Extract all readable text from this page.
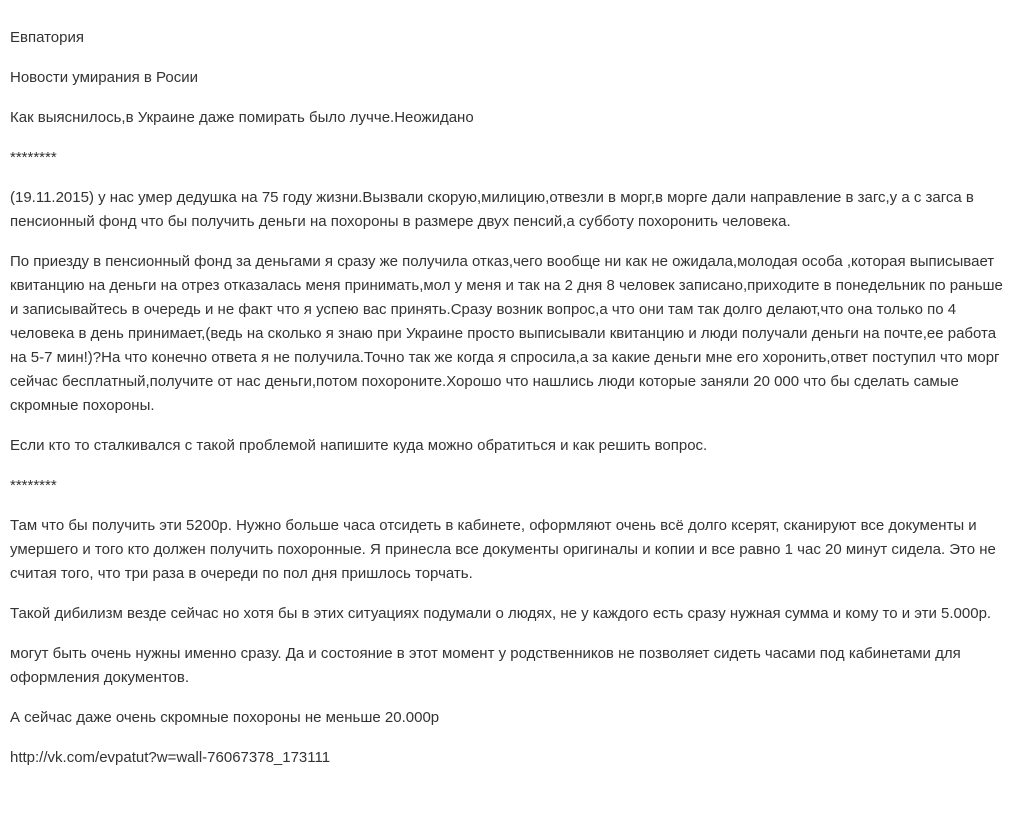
Евпатория

Новости умирания в Росии

Как выяснилось,в Украине даже помирать было лучче.Неожидано

********

(19.11.2015) у нас умер дедушка на 75 году жизни.Вызвали скорую,милицию,отвезли в морг,в морге дали направление в загс,у а с загса в пенсионный фонд что бы получить деньги на похороны в размере двух пенсий,а субботу похоронить человека.

По приезду в пенсионный фонд за деньгами я сразу же получила отказ,чего вообще ни как не ожидала,молодая особа ,которая выписывает квитанцию на деньги на отрез отказалась меня принимать,мол у меня и так на 2 дня 8 человек записано,приходите в понедельник по раньше и записывайтесь в очередь и не факт что я успею вас принять.Сразу возник вопрос,а что они там так долго делают,что она только по 4 человека в день принимает,(ведь на сколько я знаю при Украине просто выписывали квитанцию и люди получали деньги на почте,ее работа на 5-7 мин!)?На что конечно ответа я не получила.Точно так же когда я спросила,а за какие деньги мне его хоронить,ответ поступил что морг сейчас бесплатный,получите от нас деньги,потом похороните.Хорошо что нашлись люди которые заняли 20 000 что бы сделать самые скромные похороны.

Если кто то сталкивался с такой проблемой напишите куда можно обратиться и как решить вопрос.

********

Там что бы получить эти 5200р. Нужно больше часа отсидеть в кабинете, оформляют очень всё долго ксерят, сканируют все документы и умершего и того кто должен получить похоронные. Я принесла все документы оригиналы и копии и все равно 1 час 20 минут сидела. Это не считая того, что три раза в очереди по пол дня пришлось торчать.

Такой дибилизм везде сейчас но хотя бы в этих ситуациях подумали о людях, не у каждого есть сразу нужная сумма и кому то и эти 5.000р.

могут быть очень нужны именно сразу. Да и состояние в этот момент у родственников не позволяет сидеть часами под кабинетами для оформления документов.

А сейчас даже очень скромные похороны не меньше 20.000р

http://vk.com/evpatut?w=wall-76067378_173111
